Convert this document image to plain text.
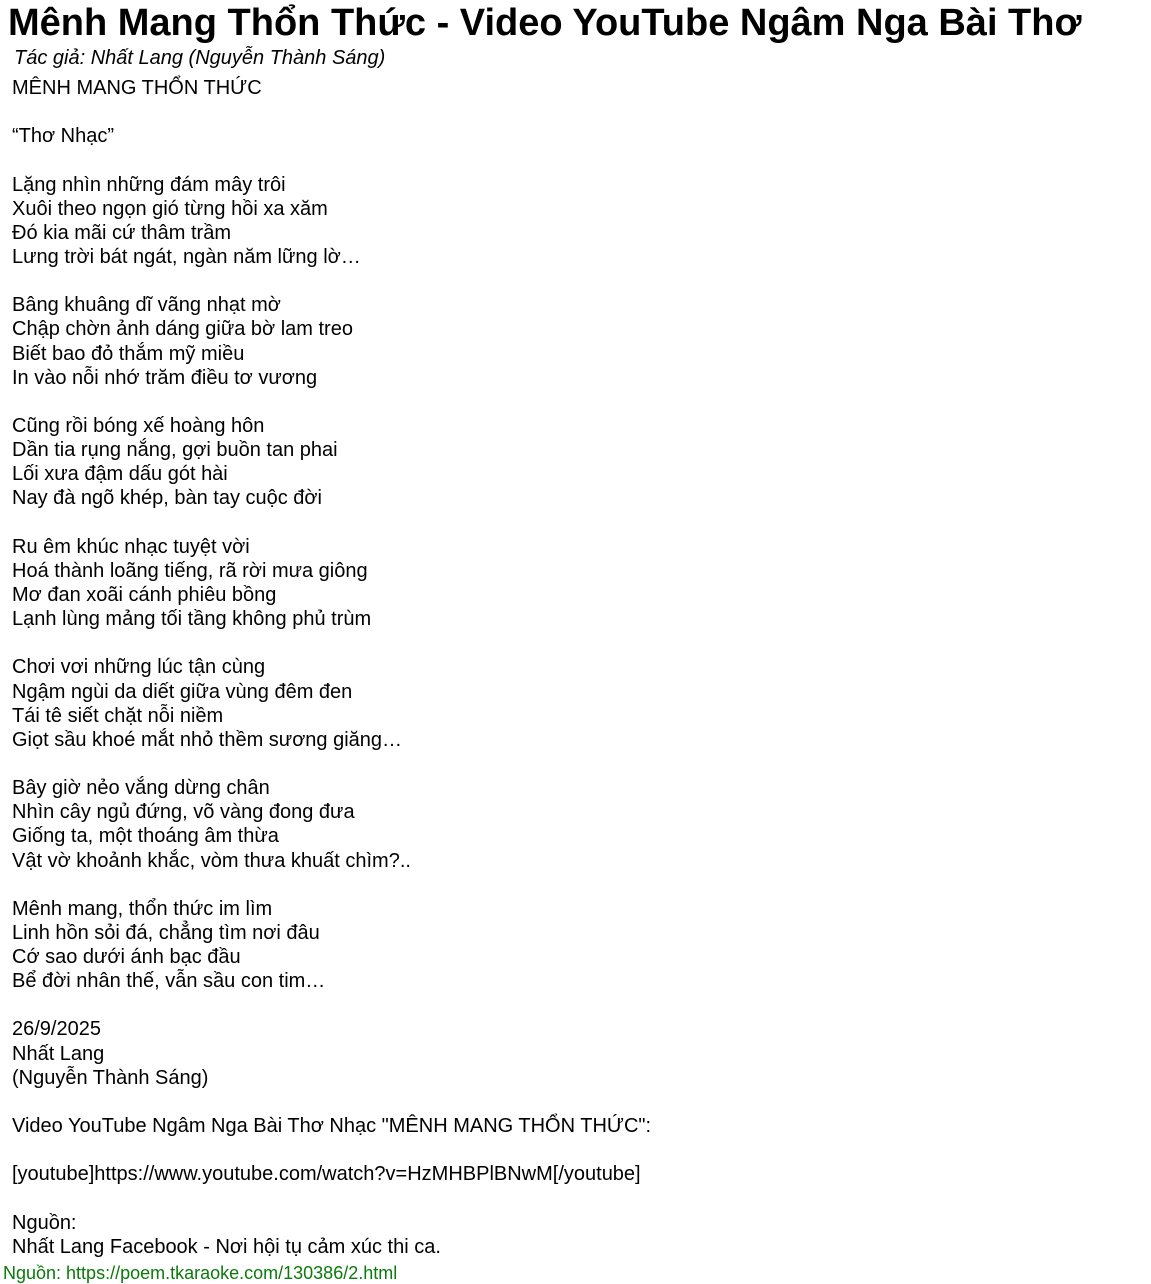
Mênh Mang Thổn Thức - Video YouTube Ngâm Nga Bài Thơ
Tác giả: Nhất Lang (Nguyễn Thành Sáng)
MÊNH MANG THỔN THỨC
“Thơ Nhạc”
Lặng nhìn những đám mây trôi
Xuôi theo ngọn gió từng hồi xa xăm
Đó kia mãi cứ thâm trầm
Lưng trời bát ngát, ngàn năm lững lờ…
Bâng khuâng dĩ vãng nhạt mờ
Chập chờn ảnh dáng giữa bờ lam treo
Biết bao đỏ thắm mỹ miều
In vào nỗi nhớ trăm điều tơ vương
Cũng rồi bóng xế hoàng hôn
Dần tia rụng nắng, gợi buồn tan phai
Lối xưa đậm dấu gót hài
Nay đà ngõ khép, bàn tay cuộc đời
Ru êm khúc nhạc tuyệt vời
Hoá thành loãng tiếng, rã rời mưa giông
Mơ đan xoãi cánh phiêu bồng
Lạnh lùng mảng tối tầng không phủ trùm
Chơi vơi những lúc tận cùng
Ngậm ngùi da diết giữa vùng đêm đen
Tái tê siết chặt nỗi niềm
Giọt sầu khoé mắt nhỏ thềm sương giăng…
Bây giờ nẻo vắng dừng chân
Nhìn cây ngủ đứng, võ vàng đong đưa
Giống ta, một thoáng âm thừa
Vật vờ khoảnh khắc, vòm thưa khuất chìm?..
Mênh mang, thổn thức im lìm
Linh hồn sỏi đá, chẳng tìm nơi đâu
Cớ sao dưới ánh bạc đầu
Bể đời nhân thế, vẫn sầu con tim…
26/9/2025
Nhất Lang
(Nguyễn Thành Sáng)
Video YouTube Ngâm Nga Bài Thơ Nhạc "MÊNH MANG THỔN THỨC":
[youtube]https://www.youtube.com/watch?v=HzMHBPlBNwM[/youtube]
Nguồn:
Nhất Lang Facebook - Nơi hội tụ cảm xúc thi ca.
Nguồn: https://poem.tkaraoke.com/130386/2.html
